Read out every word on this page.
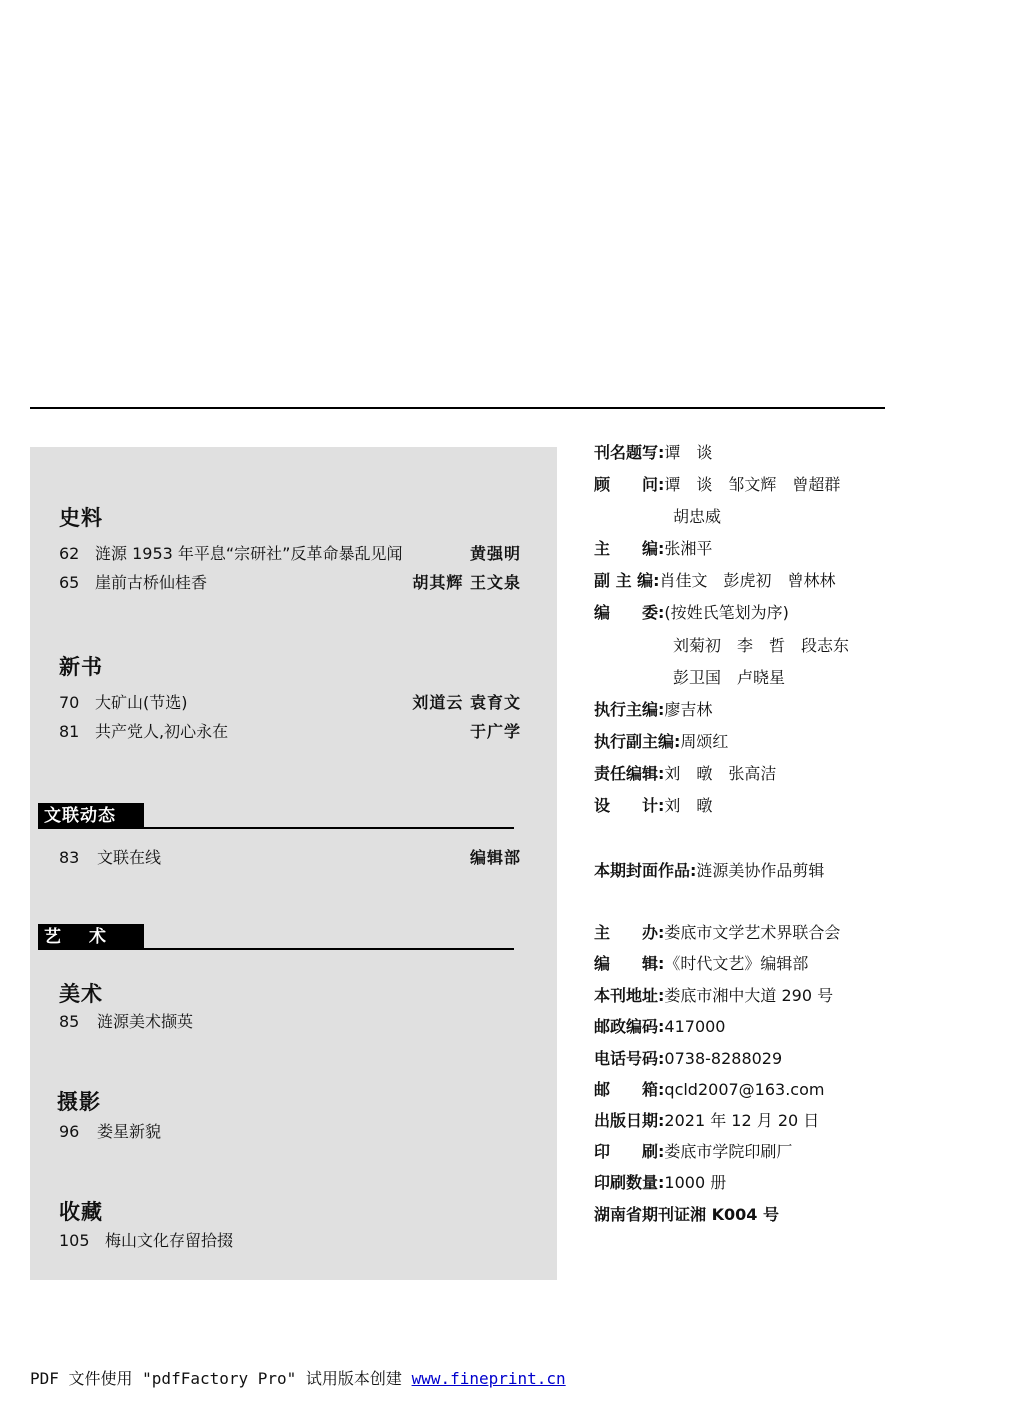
史料
62 涟源 1953 年平息“宗研社”反革命暴乱见闻	黄强明
65 崖前古桥仙桂香	胡其辉 王文泉
新书
70 大矿山(节选)	刘道云 袁育文
81 共产党人,初心永在	于广学
文联动态
83 文联在线	编辑部
艺术
美术
85 涟源美术撷英
摄影
96 娄星新貌
收藏
105 梅山文化存留拾掇
刊名题写:谭　谈
顾　　问:谭　谈　邹文辉　曾超群
胡忠威
主　　编:张湘平
副 主 编:肖佳文　彭虎初　曾林林
编　　委:(按姓氏笔划为序)
刘菊初　李　哲　段志东
彭卫国　卢晓星
执行主编:廖吉林
执行副主编:周颂红
责任编辑:刘　暾　张高洁
设　　计:刘　暾
本期封面作品:涟源美协作品剪辑
主　　办:娄底市文学艺术界联合会
编　　辑:《时代文艺》编辑部
本刊地址:娄底市湘中大道 290 号
邮政编码:417000
电话号码:0738-8288029
邮　　箱:qcld2007@163.com
出版日期:2021 年 12 月 20 日
印　　刷:娄底市学院印刷厂
印刷数量:1000 册
湖南省期刊证湘 K004 号
PDF 文件使用 "pdfFactory Pro" 试用版本创建 www.fineprint.cn
